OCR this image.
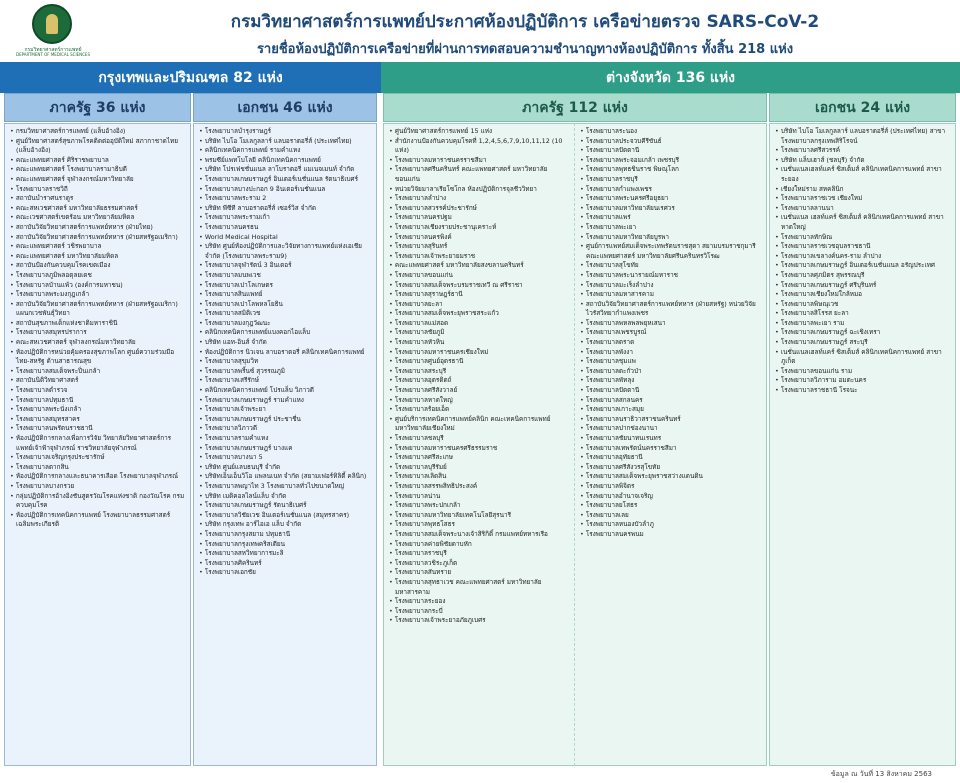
กรมวิทยาศาสตร์การแพทย์
DEPARTMENT OF MEDICAL SCIENCES
กรมวิทยาศาสตร์การแพทย์ประกาศห้องปฏิบัติการ เครือข่ายตรวจ SARS-CoV-2
รายชื่อห้องปฏิบัติการเครือข่ายที่ผ่านการทดสอบความชำนาญทางห้องปฏิบัติการ ทั้งสิ้น 218 แห่ง
กรุงเทพและปริมณฑล 82 แห่ง	ต่างจังหวัด 136 แห่ง
ภาครัฐ 36 แห่ง	เอกชน 46 แห่ง	ภาครัฐ 112 แห่ง	เอกชน 24 แห่ง
• กรมวิทยาศาสตร์การแพทย์ (แล็บอ้างอิง)
• ศูนย์วิทยาศาสตร์สุขภาพโรคติดต่ออุบัติใหม่ สภากาชาดไทย (แล็บอ้างอิง)
• คณะแพทยศาสตร์ ศิริราชพยาบาล
• คณะแพทยศาสตร์ โรงพยาบาลรามาธิบดี
• คณะแพทยศาสตร์ จุฬาลงกรณ์มหาวิทยาลัย
• โรงพยาบาลราชวิถี
• สถาบันบำราศนราดูร
• คณะสหเวชศาสตร์ มหาวิทยาลัยธรรมศาสตร์
• คณะเวชศาสตร์เขตร้อน มหาวิทยาลัยมหิดล
• สถาบันวิจัยวิทยาศาสตร์การแพทย์ทหาร (ฝ่ายไทย)
• สถาบันวิจัยวิทยาศาสตร์การแพทย์ทหาร (ฝ่ายสหรัฐอเมริกา)
• คณะแพทยศาสตร์ วชิรพยาบาล
• คณะแพทยศาสตร์ มหาวิทยาลัยมหิดล
• สถาบันป้องกันควบคุมโรคเขตเมือง
• โรงพยาบาลภูมิพลอดุลยเดช
• โรงพยาบาลบ้านแพ้ว (องค์การมหาชน)
• โรงพยาบาลพระมงกุฎเกล้า
• สถาบันวิจัยวิทยาศาสตร์การแพทย์ทหาร (ฝ่ายสหรัฐอเมริกา) แผนกเวชพันธุ์วิทยา
• สถาบันสุขภาพเด็กแห่งชาติมหาราชินี
• โรงพยาบาลสมุทรปราการ
• คณะสหเวชศาสตร์ จุฬาลงกรณ์มหาวิทยาลัย
• ห้องปฏิบัติการหน่วยคุ้มครองสุขภาพโลก ศูนย์ความร่วมมือไทย-สหรัฐ ด้านสาธารณสุข
• โรงพยาบาลสมเด็จพระปิ่นเกล้า
• สถาบันนิติวิทยาศาสตร์
• โรงพยาบาลตำรวจ
• โรงพยาบาลปทุมธานี
• โรงพยาบาลพระนั่งเกล้า
• โรงพยาบาลสมุทรสาคร
• โรงพยาบาลนพรัตนราชธานี
• ห้องปฏิบัติการกลางเพื่อการวิจัย วิทยาลัยวิทยาศาสตร์การแพทย์เจ้าฟ้าจุฬาภรณ์ ราชวิทยาลัยจุฬาภรณ์
• โรงพยาบาลเจริญกรุงประชารักษ์
• โรงพยาบาลตากสิน
• ห้องปฏิบัติการกลางและธนาคารเลือด โรงพยาบาลจุฬาภรณ์
• โรงพยาบาลบางกรวย
• กลุ่มปฏิบัติการอ้างอิงชันสูตรวัณโรคแห่งชาติ กองวัณโรค กรมควบคุมโรค
• ห้องปฏิบัติการเทคนิคการแพทย์ โรงพยาบาลธรรมศาสตร์เฉลิมพระเกียรติ
• โรงพยาบาลบำรุงราษฎร์
• บริษัท ไบโอ โมเลกูลลาร์ แลบอราตอรี่ส์ (ประเทศไทย)
• คลินิกเทคนิคการแพทย์ รามคำแหง
• พรมซีย์แพทโบโลยี คลินิกเทคนิคการแพทย์
• บริษัท โปรเฟชชั่นแนล ลาโบราตอรี่ แมเนจเมนท์ จำกัด
• โรงพยาบาลเกษมราษฎร์ อินเตอร์เนชั่นแนล รัตนาธิเบศร์
• โรงพยาบาลบางปะกอก 9 อินเตอร์เนชั่นแนล
• โรงพยาบาลพระราม 2
• บริษัท พีซีที ลาบอราตอรี่ส์ เซอร์วิส จำกัด
• โรงพยาบาลพระรามเก้า
• โรงพยาบาลนครธน
• World Medical Hospital
• บริษัท ศูนย์ห้องปฏิบัติการและวิจัยทางการแพทย์แห่งเอเชีย จำกัด (โรงพยาบาลพระราม9)
• โรงพยาบาลจุฬารัตน์ 3 อินเตอร์
• โรงพยาบาลมนพเวช
• โรงพยาบาลเปาโลเกษตร
• โรงพยาบาลสินแพทย์
• โรงพยาบาลเปาโลพหลโยธิน
• โรงพยาบาลสมิติเวช
• โรงพยาบาลมงกุฎวัฒนะ
• คลินิกเทคนิคการแพทย์แบงคอกไอแล็บ
• บริษัท แอท-อินส์ จำกัด
• ห้องปฏิบัติการ นิวเจน ลาบอราตอรี่ คลินิกเทคนิคการแพทย์
• โรงพยาบาลสุขุมวิท
• โรงพยาบาลพริ้นซ์ สุวรรณภูมิ
• โรงพยาบาลเสรีรักษ์
• คลินิกเทคนิคการแพทย์ โปรแล็บ วิภาวดี
• โรงพยาบาลเกษมราษฎร์ รามคำแหง
• โรงพยาบาลเจ้าพระยา
• โรงพยาบาลเกษมราษฎร์ ประชาชื่น
• โรงพยาบาลวิภาวดี
• โรงพยาบาลรามคำแหง
• โรงพยาบาลเกษมราษฎร์ บางแค
• โรงพยาบาลบางนา 5
• บริษัท ศูนย์แลบธนบุรี จำกัด
• บริษัทเอ็นเอ็นวิโอ แพลนเนท จำกัด (สยามเฟอร์ทิลิตี้ คลินิก)
• โรงพยาบาลพญาไท 3 โรงพยาบาลทั่วไปขนาดใหญ่
• บริษัท เมดิคอลไลน์แล็บ จำกัด
• โรงพยาบาลเกษมราษฎร์ รัตนาธิเบศร์
• โรงพยาบาลวิชัยเวช อินเตอร์เนชั่นแนล (สมุทรสาคร)
• บริษัท กรุงเทพ อาร์ไอเอ แล็บ จำกัด
• โรงพยาบาลกรุงสยาม ปทุมธานี
• โรงพยาบาลกรุงเทพคริสเตียน
• โรงพยาบาลสหวิทยาการมะลิ
• โรงพยาบาลศิครินทร์
• โรงพยาบาลเอกชัย
• ศูนย์วิทยาศาสตร์การแพทย์ 15 แห่ง
• สำนักงานป้องกันควบคุมโรคที่ 1,2,4,5,6,7,9,10,11,12 (10 แห่ง)
• โรงพยาบาลมหาราชนครราชสีมา
• โรงพยาบาลศรีนครินทร์ คณะแพทยศาสตร์ มหาวิทยาลัยขอนแก่น
• หน่วยวิจัยมาลาเรียโซโกล ห้องปฏิบัติการจุลชีววิทยา
• โรงพยาบาลลำปาง
• โรงพยาบาลสวรรค์ประชารักษ์
• โรงพยาบาลนครปฐม
• โรงพยาบาลเชียงรายประชานุเคราะห์
• โรงพยาบาลนครพิงค์
• โรงพยาบาลสุรินทร์
• โรงพยาบาลเจ้าพระยายมราช
• คณะแพทยศาสตร์ มหาวิทยาลัยสงขลานครินทร์
• โรงพยาบาลขอนแก่น
• โรงพยาบาลสมเด็จพระบรมราชเทวี ณ ศรีราชา
• โรงพยาบาลสุราษฎร์ธานี
• โรงพยาบาลยะลา
• โรงพยาบาลสมเด็จพระยุพราชสระแก้ว
• โรงพยาบาลแม่สอด
• โรงพยาบาลชัยภูมิ
• โรงพยาบาลหัวหิน
• โรงพยาบาลมหาราชนครเชียงใหม่
• โรงพยาบาลศูนย์อุดรธานี
• โรงพยาบาลสระบุรี
• โรงพยาบาลอุตรดิตถ์
• โรงพยาบาลศรีสังวาลย์
• โรงพยาบาลหาดใหญ่
• โรงพยาบาลร้อยเอ็ด
• ศูนย์บริการเทคนิคการแพทย์คลินิก คณะเทคนิคการแพทย์ มหาวิทยาลัยเชียงใหม่
• โรงพยาบาลชลบุรี
• โรงพยาบาลมหาราชนครศรีธรรมราช
• โรงพยาบาลศรีสะเกษ
• โรงพยาบาลบุรีรัมย์
• โรงพยาบาลเลิดสิน
• โรงพยาบาลสรรพสิทธิประสงค์
• โรงพยาบาลน่าน
• โรงพยาบาลพระปกเกล้า
• โรงพยาบาลมหาวิทยาลัยเทคโนโลยีสุรนารี
• โรงพยาบาลพุทธโสธร
• โรงพยาบาลสมเด็จพระนางเจ้าสิริกิติ์ กรมแพทย์ทหารเรือ
• โรงพยาบาลค่ายพิชัยดาบหัก
• โรงพยาบาลราชบุรี
• โรงพยาบาลวชิระภูเก็ต
• โรงพยาบาลสันทราย
• โรงพยาบาลสุทธาเวช คณะแพทยศาสตร์ มหาวิทยาลัยมหาสารคาม
• โรงพยาบาลระยอง
• โรงพยาบาลกระบี่
• โรงพยาบาลเจ้าพระยาอภัยภูเบศร
• โรงพยาบาลระนอง
• โรงพยาบาลประจวบคีรีขันธ์
• โรงพยาบาลปัตตานี
• โรงพยาบาลพระจอมเกล้า เพชรบุรี
• โรงพยาบาลพุทธชินราช พิษณุโลก
• โรงพยาบาลราชบุรี
• โรงพยาบาลกำแพงเพชร
• โรงพยาบาลพระนครศรีอยุธยา
• โรงพยาบาลมหาวิทยาลัยนเรศวร
• โรงพยาบาลแพร่
• โรงพยาบาลพะเยา
• โรงพยาบาลมหาวิทยาลัยบูรพา
• ศูนย์การแพทย์สมเด็จพระเทพรัตนราชสุดา สยามบรมราชกุมารี คณะแพทยศาสตร์ มหาวิทยาลัยศรีนครินทรวิโรฒ
• โรงพยาบาลสุโขทัย
• โรงพยาบาลพระนารายณ์มหาราช
• โรงพยาบาลมะเร็งลำปาง
• โรงพยาบาลมหาสารคาม
• สถาบันวิจัยวิทยาศาสตร์การแพทย์ทหาร (ฝ่ายสหรัฐ) หน่วยวิจัยไวรัสวิทยากำแพงเพชร
• โรงพยาบาลพหลพลพยุหเสนา
• โรงพยาบาลเพชรบูรณ์
• โรงพยาบาลตราด
• โรงพยาบาลพังงา
• โรงพยาบาลชุมแพ
• โรงพยาบาลตะกั่วป่า
• โรงพยาบาลพัทลุง
• โรงพยาบาลปัตตานี
• โรงพยาบาลสกลนคร
• โรงพยาบาลเกาะสมุย
• โรงพยาบาลนราธิวาสราชนครินทร์
• โรงพยาบาลปากช่องนานา
• โรงพยาบาลชัยนาทนเรนทร
• โรงพยาบาลเทพรัตน์นครราชสีมา
• โรงพยาบาลอุทัยธานี
• โรงพยาบาลศรีสังวรสุโขทัย
• โรงพยาบาลสมเด็จพระยุพราชสว่างแดนดิน
• โรงพยาบาลพิจิตร
• โรงพยาบาลอำนาจเจริญ
• โรงพยาบาลยโสธร
• โรงพยาบาลเลย
• โรงพยาบาลหนองบัวลำภู
• โรงพยาบาลนครพนม
• บริษัท ไบโอ โมเลกูลลาร์ แลบอราตอรี่ส์ (ประเทศไทย) สาขาโรงพยาบาลกรุงเทพสิริโรจน์
• โรงพยาบาลศรีสวรรค์
• บริษัท แล็บเฮาส์ (ชลบุรี) จำกัด
• เนชั่นแนลเฮลท์แคร์ ซิสเต็มส์ คลินิกเทคนิคการแพทย์ สาขาระยอง
• เชียงใหม่ราม สหคลินิก
• โรงพยาบาลราชเวช เชียงใหม่
• โรงพยาบาลลานนา
• เนชั่นแนล เฮลท์แคร์ ซิสเต็มส์ คลินิกเทคนิคการแพทย์ สาขาหาดใหญ่
• โรงพยาบาลทักษิณ
• โรงพยาบาลราชเวชอุบลราชธานี
• โรงพยาบาลเขลางค์นคร-ราม ลำปาง
• โรงพยาบาลเกษมราษฎร์ อินเตอร์เนชั่นแนล อรัญประเทศ
• โรงพยาบาลศุภมิตร สุพรรณบุรี
• โรงพยาบาลเกษมราษฎร์ ศรีบุรินทร์
• โรงพยาบาลเชียงใหม่ใกล้หมอ
• โรงพยาบาลพิษณุเวช
• โรงพยาบาลสิโรรส ยะลา
• โรงพยาบาลพะเยา ราม
• โรงพยาบาลเกษมราษฎร์ ฉะเชิงเทรา
• โรงพยาบาลเกษมราษฎร์ สระบุรี
• เนชั่นแนลเฮลท์แคร์ ซิสเต็มส์ คลินิกเทคนิคการแพทย์ สาขาภูเก็ต
• โรงพยาบาลขอนแก่น ราม
• โรงพยาบาลวิภาราม อมตะนคร
• โรงพยาบาลราชธานี โรจนะ
ข้อมูล ณ วันที่ 13 สิงหาคม 2563
